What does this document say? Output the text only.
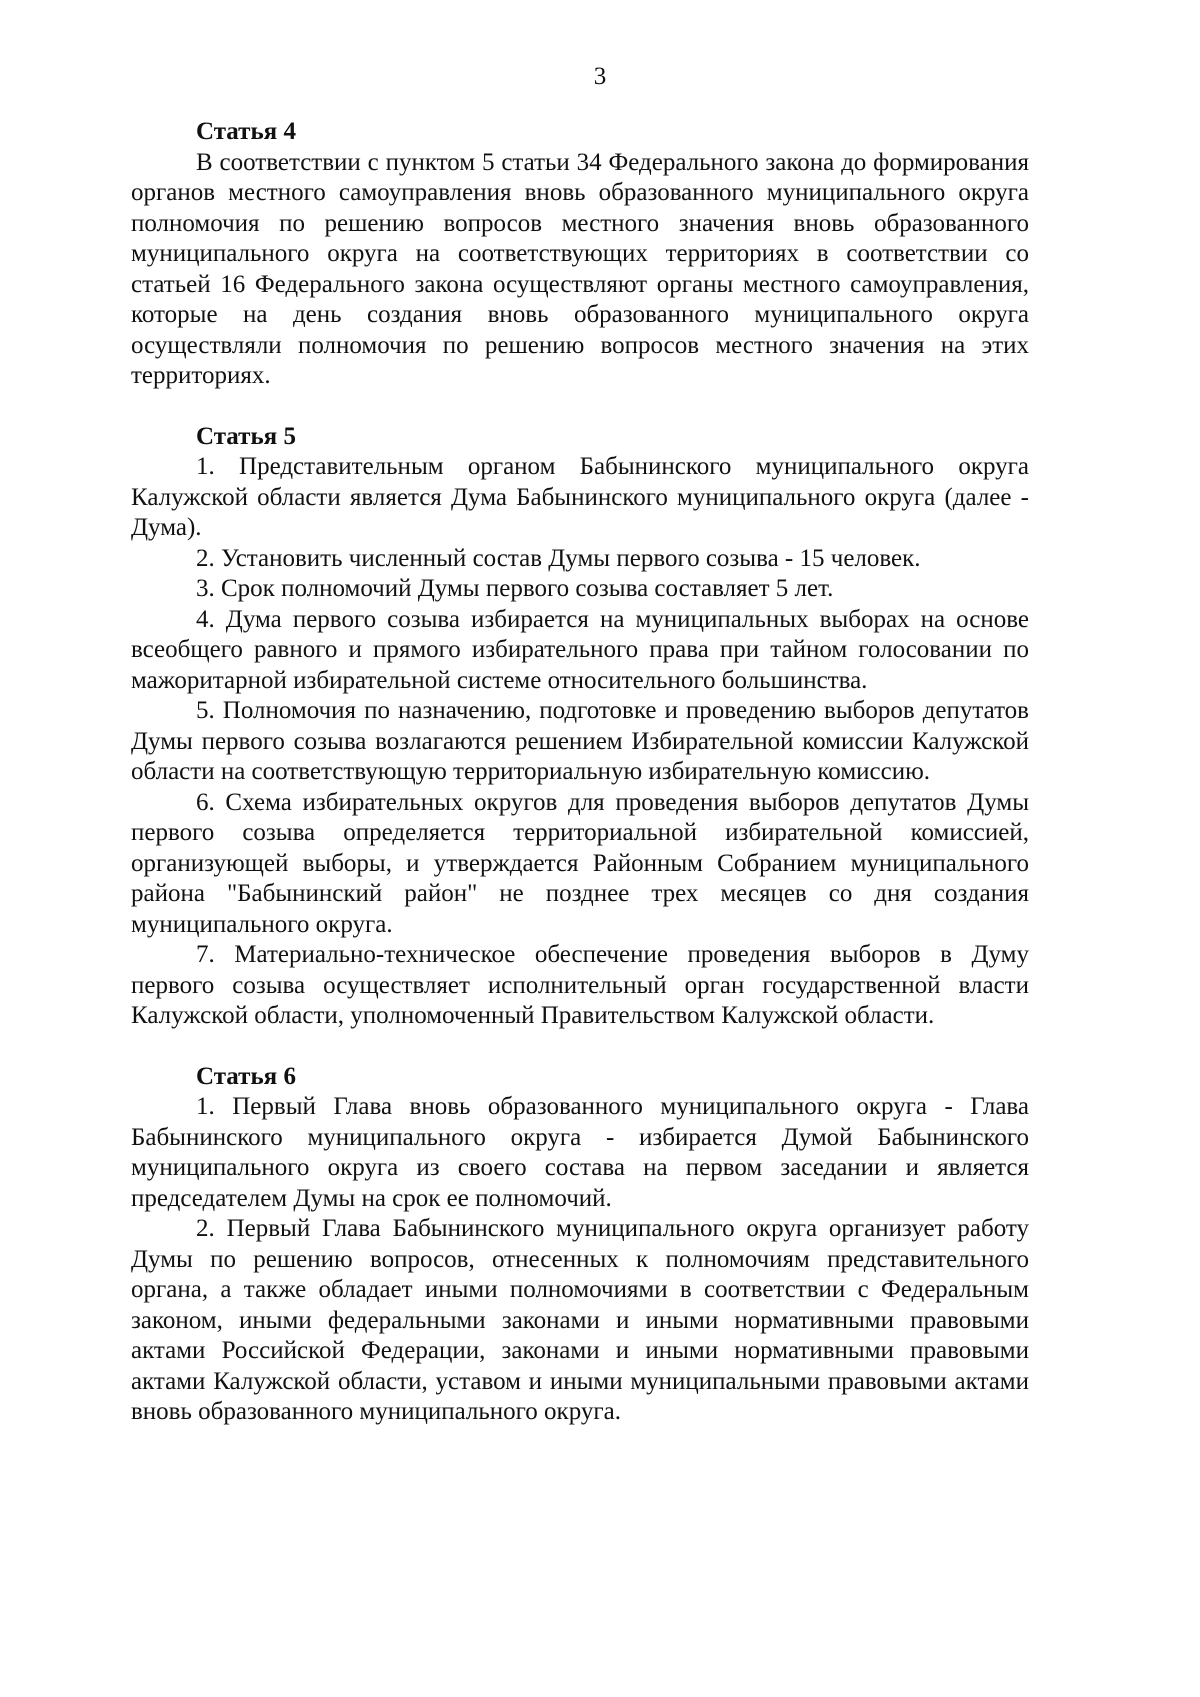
3
Статья 4

В соответствии с пунктом 5 статьи 34 Федерального закона до формирования органов местного самоуправления вновь образованного муниципального округа полномочия по решению вопросов местного значения вновь образованного муниципального округа на соответствующих территориях в соответствии со статьей 16 Федерального закона осуществляют органы местного самоуправления, которые на день создания вновь образованного муниципального округа осуществляли полномочия по решению вопросов местного значения на этих территориях.

Статья 5

1. Представительным органом Бабынинского муниципального округа Калужской области является Дума Бабынинского муниципального округа (далее - Дума).

2. Установить численный состав Думы первого созыва - 15 человек.

3. Срок полномочий Думы первого созыва составляет 5 лет.

4. Дума первого созыва избирается на муниципальных выборах на основе всеобщего равного и прямого избирательного права при тайном голосовании по мажоритарной избирательной системе относительного большинства.

5. Полномочия по назначению, подготовке и проведению выборов депутатов Думы первого созыва возлагаются решением Избирательной комиссии Калужской области на соответствующую территориальную избирательную комиссию.

6. Схема избирательных округов для проведения выборов депутатов Думы первого созыва определяется территориальной избирательной комиссией, организующей выборы, и утверждается Районным Собранием муниципального района "Бабынинский район" не позднее трех месяцев со дня создания муниципального округа.

7. Материально-техническое обеспечение проведения выборов в Думу первого созыва осуществляет исполнительный орган государственной власти Калужской области, уполномоченный Правительством Калужской области.

Статья 6

1. Первый Глава вновь образованного муниципального округа - Глава Бабынинского муниципального округа - избирается Думой Бабынинского муниципального округа из своего состава на первом заседании и является председателем Думы на срок ее полномочий.

2. Первый Глава Бабынинского муниципального округа организует работу Думы по решению вопросов, отнесенных к полномочиям представительного органа, а также обладает иными полномочиями в соответствии с Федеральным законом, иными федеральными законами и иными нормативными правовыми актами Российской Федерации, законами и иными нормативными правовыми актами Калужской области, уставом и иными муниципальными правовыми актами вновь образованного муниципального округа.
